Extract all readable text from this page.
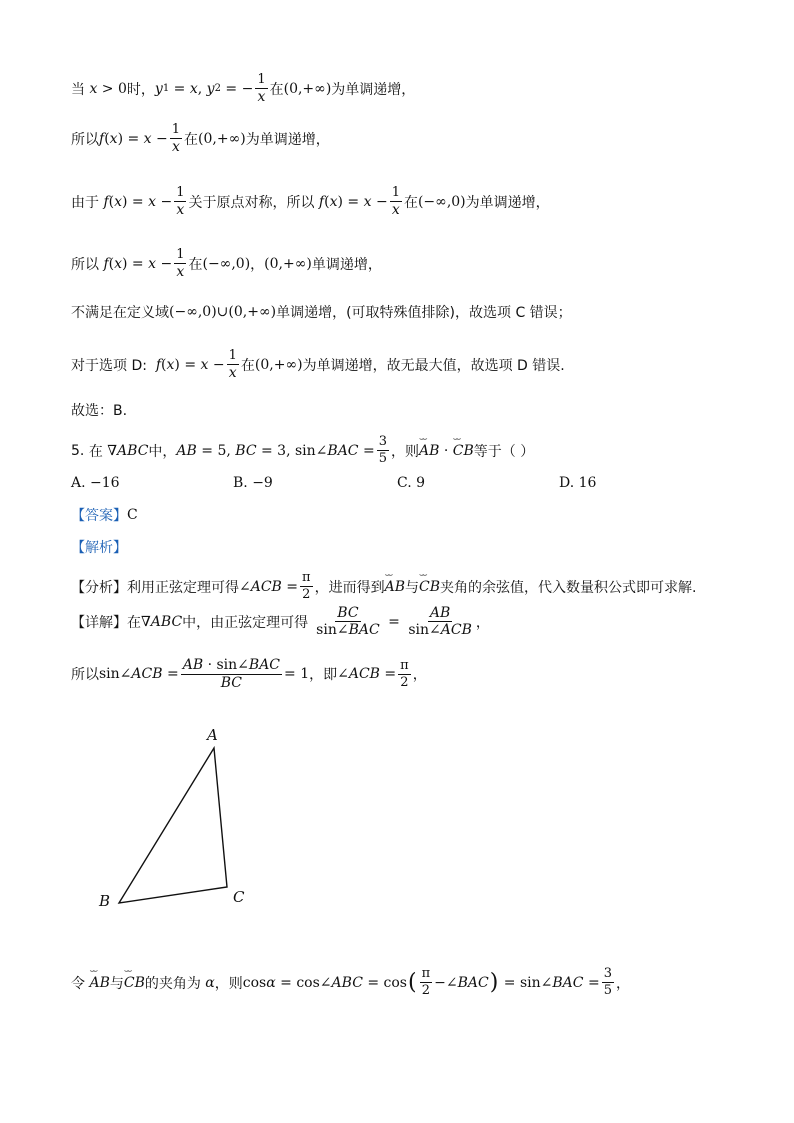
当 x > 0 时， y 1 = x , y 2 = − $\frac{1}{x}$ 在 (0,+∞) 为单调递增，
所以 f ( x ) = $x - \frac{1}{x}$ 在 (0,+∞) 为单调递增，
由于 f ( x ) = $x - \frac{1}{x}$ 关于原点对称，所以 f ( x ) = $x - \frac{1}{x}$ 在 (−∞,0) 为单调递增，
所以 f ( x ) = $x - \frac{1}{x}$ 在 (−∞,0) ， (0,+∞) 单调递增，
不满足在定义域 (−∞,0)∪(0,+∞) 单调递增，(可取特殊值排除)，故选项 C 错误；
对于选项 D: f ( x ) = $x - \frac{1}{x}$ 在 (0,+∞) 为单调递增，故无最大值，故选项 D 错误.
故选：B.
5.
在 ∇ ABC 中， AB = 5, BC = 3, sin∠ BAC = $\frac{3}{5}$ ，则 ⌣⌣ AB · ⌣⌣ CB 等于（ ）
A. −16	B. −9	C. 9	D. 16
【答案】 C
【解析】
【分析】 利用正弦定理可得 ∠ ACB = $\frac{\pi}{2}$ ，进而得到 ⌣⌣ AB 与 ⌣⌣ CB 夹角的余弦值，代入数量积公式即可求解.
【详解】 在 ∇ ABC 中，由正弦定理可得 $\frac{BC}{\text{sin∠BAC}} = \frac{AB}{\text{sin∠ACB}}$ ，
所以 sin∠ ACB = $\frac{\text{AB · sin∠BAC}}{BC} = 1$ ，即 ∠ ACB = $\frac{\pi}{2}$ ，
A
B	C
令
⌣⌣ AB 与 ⌣⌣ CB 的夹角为 α ，则 cos α = cos∠ ABC = cos ( $\frac{\pi}{2}$ −∠ BAC ) = sin∠ BAC = $\frac{3}{5}$ ，
